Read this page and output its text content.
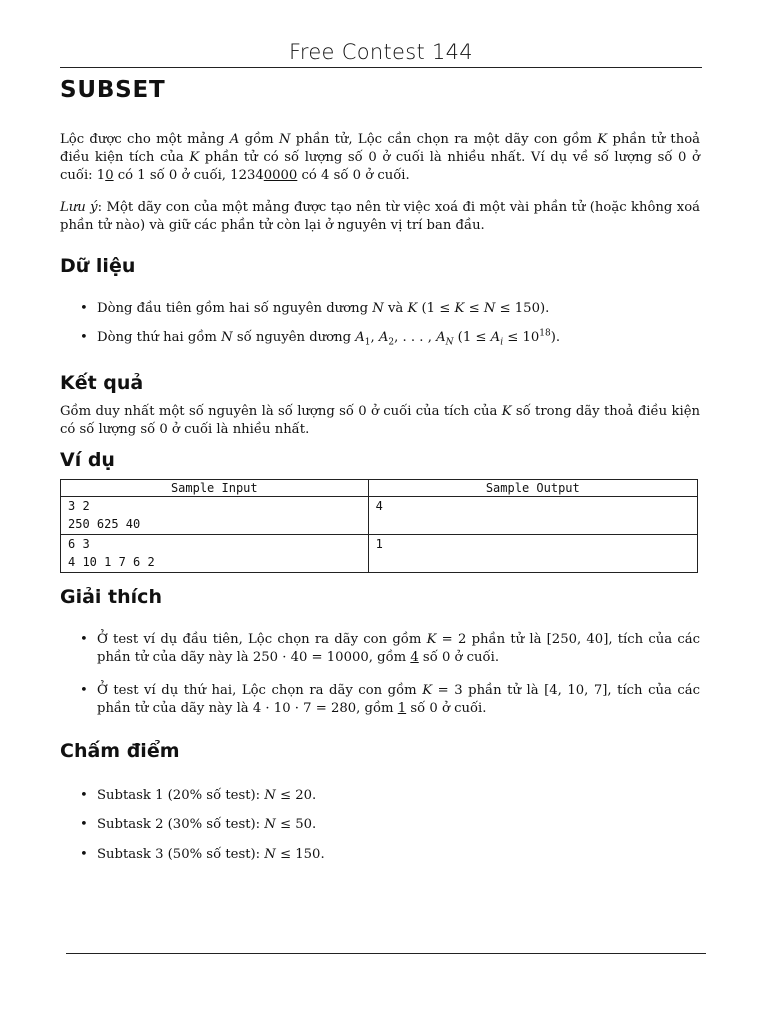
Free Contest 144
SUBSET
Lộc được cho một mảng A gồm N phần tử, Lộc cần chọn ra một dãy con gồm K phần tử thoả điều kiện tích của K phần tử có số lượng số 0 ở cuối là nhiều nhất. Ví dụ về số lượng số 0 ở cuối: 10 có 1 số 0 ở cuối, 12340000 có 4 số 0 ở cuối.
Lưu ý: Một dãy con của một mảng được tạo nên từ việc xoá đi một vài phần tử (hoặc không xoá phần tử nào) và giữ các phần tử còn lại ở nguyên vị trí ban đầu.
Dữ liệu
• Dòng đầu tiên gồm hai số nguyên dương N và K (1 ≤ K ≤ N ≤ 150).
• Dòng thứ hai gồm N số nguyên dương $A_1$, $A_2$, . . . , $A_N$ $(1 \le A_i \le 10^{18})$.
Kết quả
Gồm duy nhất một số nguyên là số lượng số 0 ở cuối của tích của K số trong dãy thoả điều kiện có số lượng số 0 ở cuối là nhiều nhất.
Ví dụ
Sample Input	Sample Output
3 2
250 625 40	4
6 3
4 10 1 7 6 2	1
Giải thích
• Ở test ví dụ đầu tiên, Lộc chọn ra dãy con gồm K = 2 phần tử là [250, 40], tích của các phần tử của dãy này là 250 · 40 = 10000, gồm 4 số 0 ở cuối.
• Ở test ví dụ thứ hai, Lộc chọn ra dãy con gồm K = 3 phần tử là [4, 10, 7], tích của các phần tử của dãy này là 4 · 10 · 7 = 280, gồm 1 số 0 ở cuối.
Chấm điểm
• Subtask 1 (20% số test): N ≤ 20.
• Subtask 2 (30% số test): N ≤ 50.
• Subtask 3 (50% số test): N ≤ 150.
